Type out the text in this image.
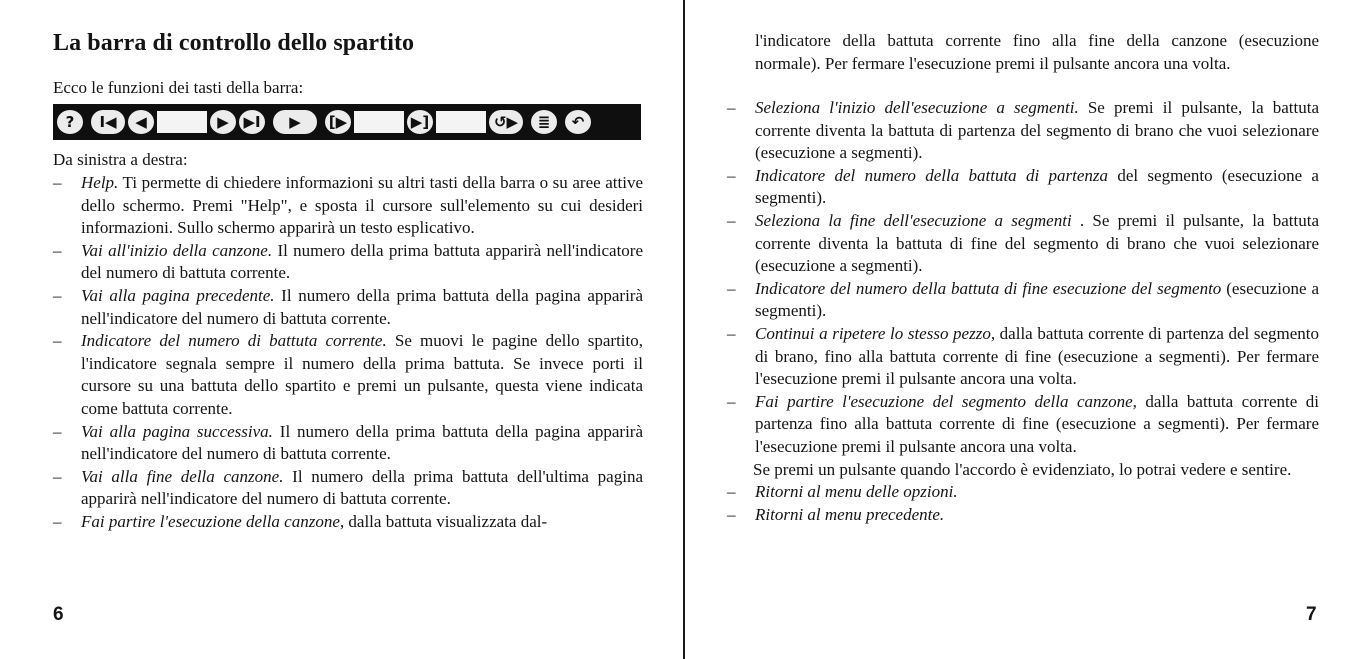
La barra di controllo dello spartito
Ecco le funzioni dei tasti della barra:
?	I◀	◀	▶ ▶I	▶	[▶	▶]	↺▶	≣	↶
Da sinistra a destra:
– Help. Ti permette di chiedere informazioni su altri tasti della barra o su aree attive dello schermo. Premi "Help", e sposta il cursore sull'elemento su cui desideri informazioni. Sullo schermo apparirà un testo esplicativo.
– Vai all'inizio della canzone. Il numero della prima battuta apparirà nell'indicatore del numero di battuta corrente.
– Vai alla pagina precedente. Il numero della prima battuta della pagina apparirà nell'indicatore del numero di battuta corrente.
– Indicatore del numero di battuta corrente. Se muovi le pagine dello spartito, l'indicatore segnala sempre il numero della prima battuta. Se invece porti il cursore su una battuta dello spartito e premi un pulsante, questa viene indicata come battuta corrente.
– Vai alla pagina successiva. Il numero della prima battuta della pagina apparirà nell'indicatore del numero di battuta corrente.
– Vai alla fine della canzone. Il numero della prima battuta dell'ultima pagina apparirà nell'indicatore del numero di battuta corrente.
– Fai partire l'esecuzione della canzone, dalla battuta visualizzata dal-
6
l'indicatore della battuta corrente fino alla fine della canzone (esecuzione normale). Per fermare l'esecuzione premi il pulsante ancora una volta.
– Seleziona l'inizio dell'esecuzione a segmenti. Se premi il pulsante, la battuta corrente diventa la battuta di partenza del segmento di brano che vuoi selezionare (esecuzione a segmenti).
– Indicatore del numero della battuta di partenza del segmento (esecuzione a segmenti).
– Seleziona la fine dell'esecuzione a segmenti . Se premi il pulsante, la battuta corrente diventa la battuta di fine del segmento di brano che vuoi selezionare (esecuzione a segmenti).
– Indicatore del numero della battuta di fine esecuzione del segmento (esecuzione a segmenti).
– Continui a ripetere lo stesso pezzo, dalla battuta corrente di partenza del segmento di brano, fino alla battuta corrente di fine (esecuzione a segmenti). Per fermare l'esecuzione premi il pulsante ancora una volta.
– Fai partire l'esecuzione del segmento della canzone, dalla battuta corrente di partenza fino alla battuta corrente di fine (esecuzione a segmenti). Per fermare l'esecuzione premi il pulsante ancora una volta.
Se premi un pulsante quando l'accordo è evidenziato, lo potrai vedere e sentire.
– Ritorni al menu delle opzioni.
– Ritorni al menu precedente.
7
